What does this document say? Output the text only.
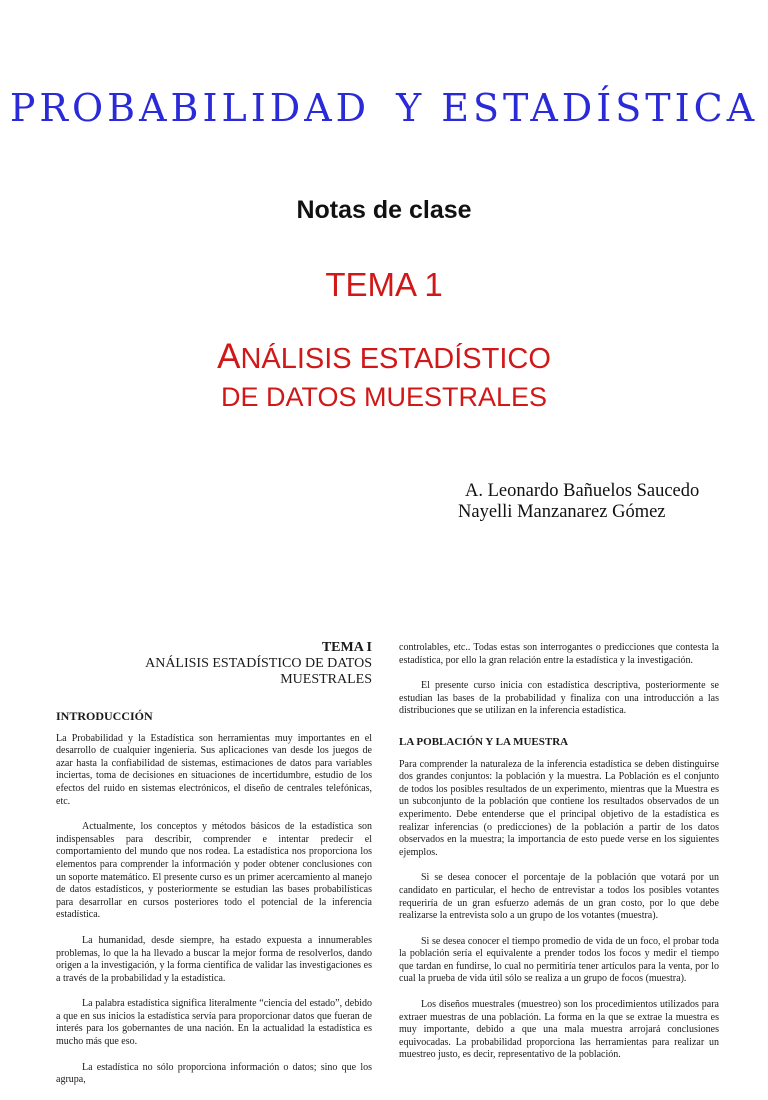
PROBABILIDAD Y ESTADÍSTICA
Notas de clase
TEMA 1
ANÁLISIS ESTADÍSTICO
DE DATOS MUESTRALES
A. Leonardo Bañuelos Saucedo
Nayelli Manzanarez Gómez
TEMA I
ANÁLISIS ESTADÍSTICO DE DATOS
MUESTRALES
INTRODUCCIÓN

La Probabilidad y la Estadística son herramientas muy importantes en el desarrollo de cualquier ingeniería. Sus aplicaciones van desde los juegos de azar hasta la confiabilidad de sistemas, estimaciones de datos para variables inciertas, toma de decisiones en situaciones de incertidumbre, estudio de los efectos del ruido en sistemas electrónicos, el diseño de centrales telefónicas, etc.

Actualmente, los conceptos y métodos básicos de la estadística son indispensables para describir, comprender e intentar predecir el comportamiento del mundo que nos rodea. La estadística nos proporciona los elementos para comprender la información y poder obtener conclusiones con un soporte matemático. El presente curso es un primer acercamiento al manejo de datos estadísticos, y posteriormente se estudian las bases probabilísticas para desarrollar en cursos posteriores todo el potencial de la inferencia estadística.

La humanidad, desde siempre, ha estado expuesta a innumerables problemas, lo que la ha llevado a buscar la mejor forma de resolverlos, dando origen a la investigación, y la forma científica de validar las investigaciones es a través de la probabilidad y la estadística.

La palabra estadística significa literalmente “ciencia del estado”, debido a que en sus inicios la estadística servía para proporcionar datos que fueran de interés para los gobernantes de una nación. En la actualidad la estadística es mucho más que eso.

La estadística no sólo proporciona información o datos; sino que los agrupa,

controlables, etc.. Todas estas son interrogantes o predicciones que contesta la estadística, por ello la gran relación entre la estadística y la investigación.

El presente curso inicia con estadística descriptiva, posteriormente se estudian las bases de la probabilidad y finaliza con una introducción a las distribuciones que se utilizan en la inferencia estadística.

LA POBLACIÓN Y LA MUESTRA

Para comprender la naturaleza de la inferencia estadística se deben distinguirse dos grandes conjuntos: la población y la muestra. La Población es el conjunto de todos los posibles resultados de un experimento, mientras que la Muestra es un subconjunto de la población que contiene los resultados observados de un experimento. Debe entenderse que el principal objetivo de la estadística es realizar inferencias (o predicciones) de la población a partir de los datos observados en la muestra; la importancia de esto puede verse en los siguientes ejemplos.

Si se desea conocer el porcentaje de la población que votará por un candidato en particular, el hecho de entrevistar a todos los posibles votantes requeriría de un gran esfuerzo además de un gran costo, por lo que debe realizarse la entrevista solo a un grupo de los votantes (muestra).

Si se desea conocer el tiempo promedio de vida de un foco, el probar toda la población sería el equivalente a prender todos los focos y medir el tiempo que tardan en fundirse, lo cual no permitiría tener artículos para la venta, por lo cual la prueba de vida útil sólo se realiza a un grupo de focos (muestra).

Los diseños muestrales (muestreo) son los procedimientos utilizados para extraer muestras de una población. La forma en la que se extrae la muestra es muy importante, debido a que una mala muestra arrojará conclusiones equivocadas. La probabilidad proporciona las herramientas para realizar un muestreo justo, es decir, representativo de la población.
